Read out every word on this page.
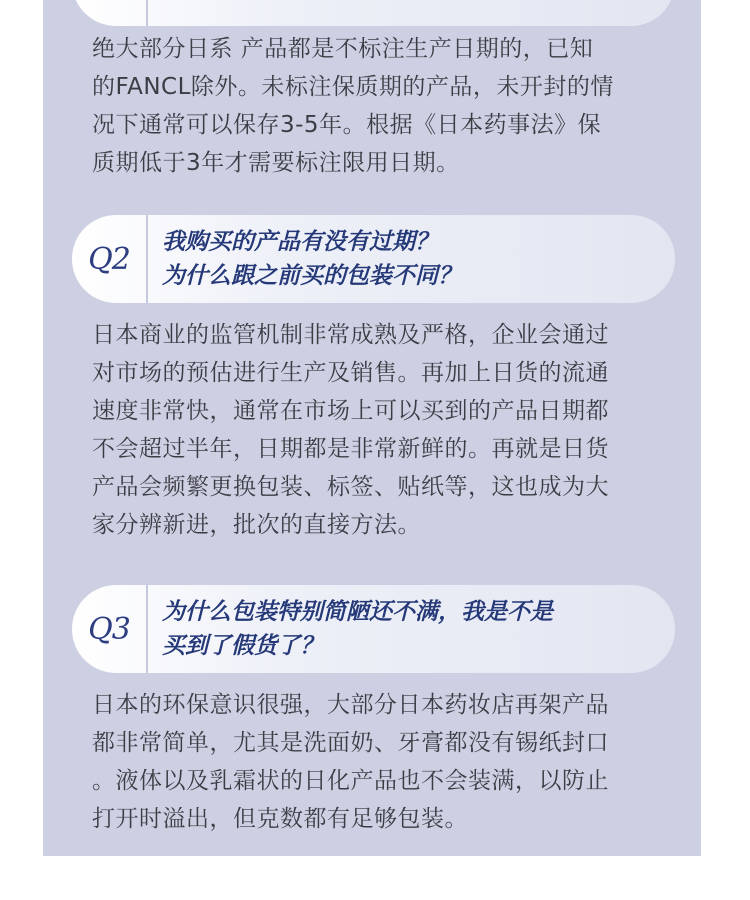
绝大部分日系 产品都是不标注生产日期的，已知
的FANCL除外。未标注保质期的产品，未开封的情
况下通常可以保存3-5年。根据《日本药事法》保
质期低于3年才需要标注限用日期。
Q2	我购买的产品有没有过期？
为什么跟之前买的包装不同？
日本商业的监管机制非常成熟及严格，企业会通过
对市场的预估进行生产及销售。再加上日货的流通
速度非常快，通常在市场上可以买到的产品日期都
不会超过半年，日期都是非常新鲜的。再就是日货
产品会频繁更换包装、标签、贴纸等，这也成为大
家分辨新进，批次的直接方法。
Q3	为什么包装特别简陋还不满，我是不是
买到了假货了？
日本的环保意识很强，大部分日本药妆店再架产品
都非常简单，尤其是洗面奶、牙膏都没有锡纸封口
。液体以及乳霜状的日化产品也不会装满，以防止
打开时溢出，但克数都有足够包装。
